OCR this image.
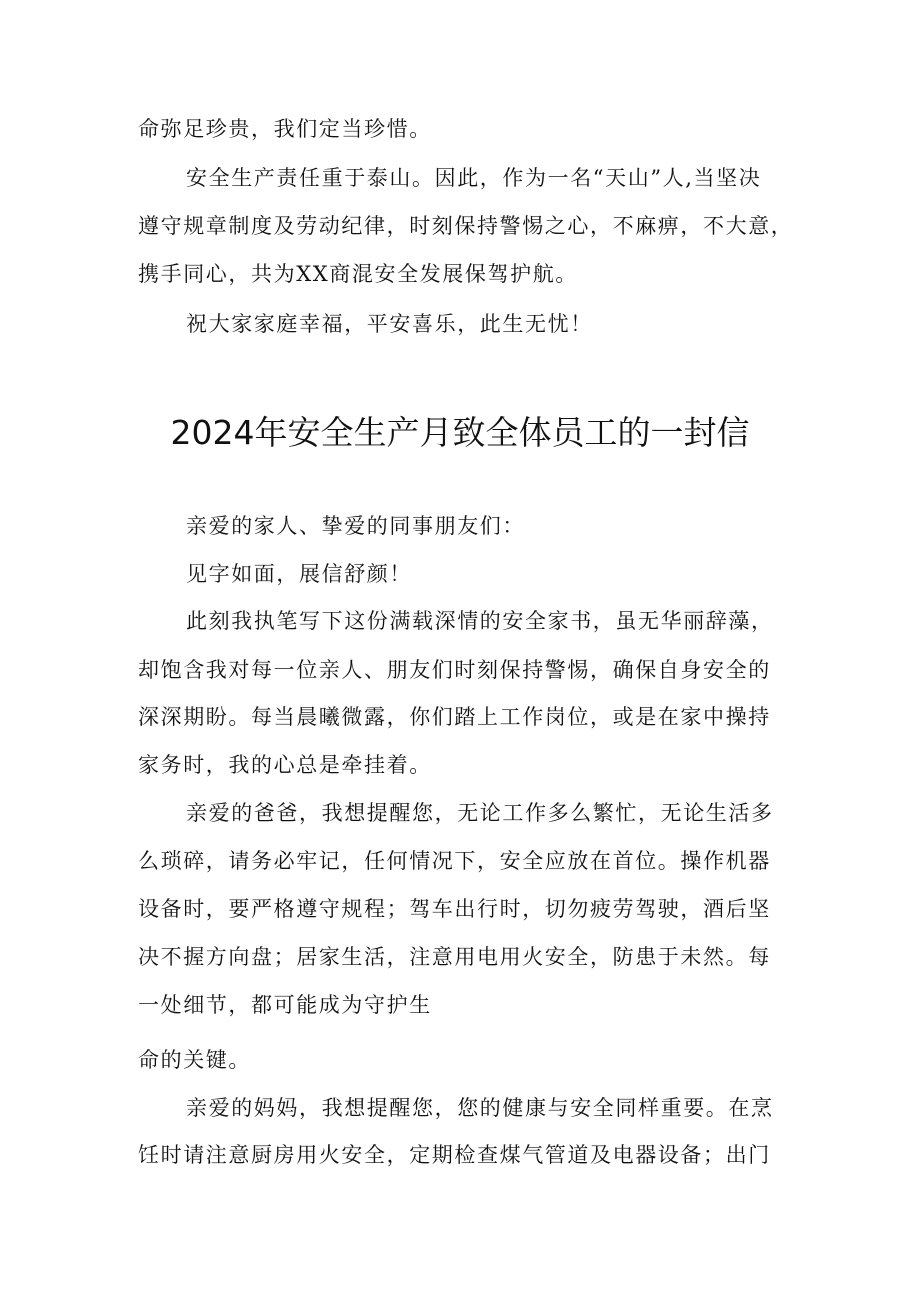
命弥足珍贵，我们定当珍惜。
安全生产责任重于泰山。因此，作为一名“天山”人,当坚决
遵守规章制度及劳动纪律，时刻保持警惕之心，不麻痹，不大意，
携手同心，共为XX商混安全发展保驾护航。
祝大家家庭幸福，平安喜乐，此生无忧！
2024年安全生产月致全体员工的一封信
亲爱的家人、挚爱的同事朋友们：
见字如面，展信舒颜！
此刻我执笔写下这份满载深情的安全家书，虽无华丽辞藻，
却饱含我对每一位亲人、朋友们时刻保持警惕，确保自身安全的
深深期盼。每当晨曦微露，你们踏上工作岗位，或是在家中操持
家务时，我的心总是牵挂着。
亲爱的爸爸，我想提醒您，无论工作多么繁忙，无论生活多
么琐碎，请务必牢记，任何情况下，安全应放在首位。操作机器
设备时，要严格遵守规程；驾车出行时，切勿疲劳驾驶，酒后坚
决不握方向盘；居家生活，注意用电用火安全，防患于未然。每
一处细节，都可能成为守护生
命的关键。
亲爱的妈妈，我想提醒您，您的健康与安全同样重要。在烹
饪时请注意厨房用火安全，定期检查煤气管道及电器设备；出门
